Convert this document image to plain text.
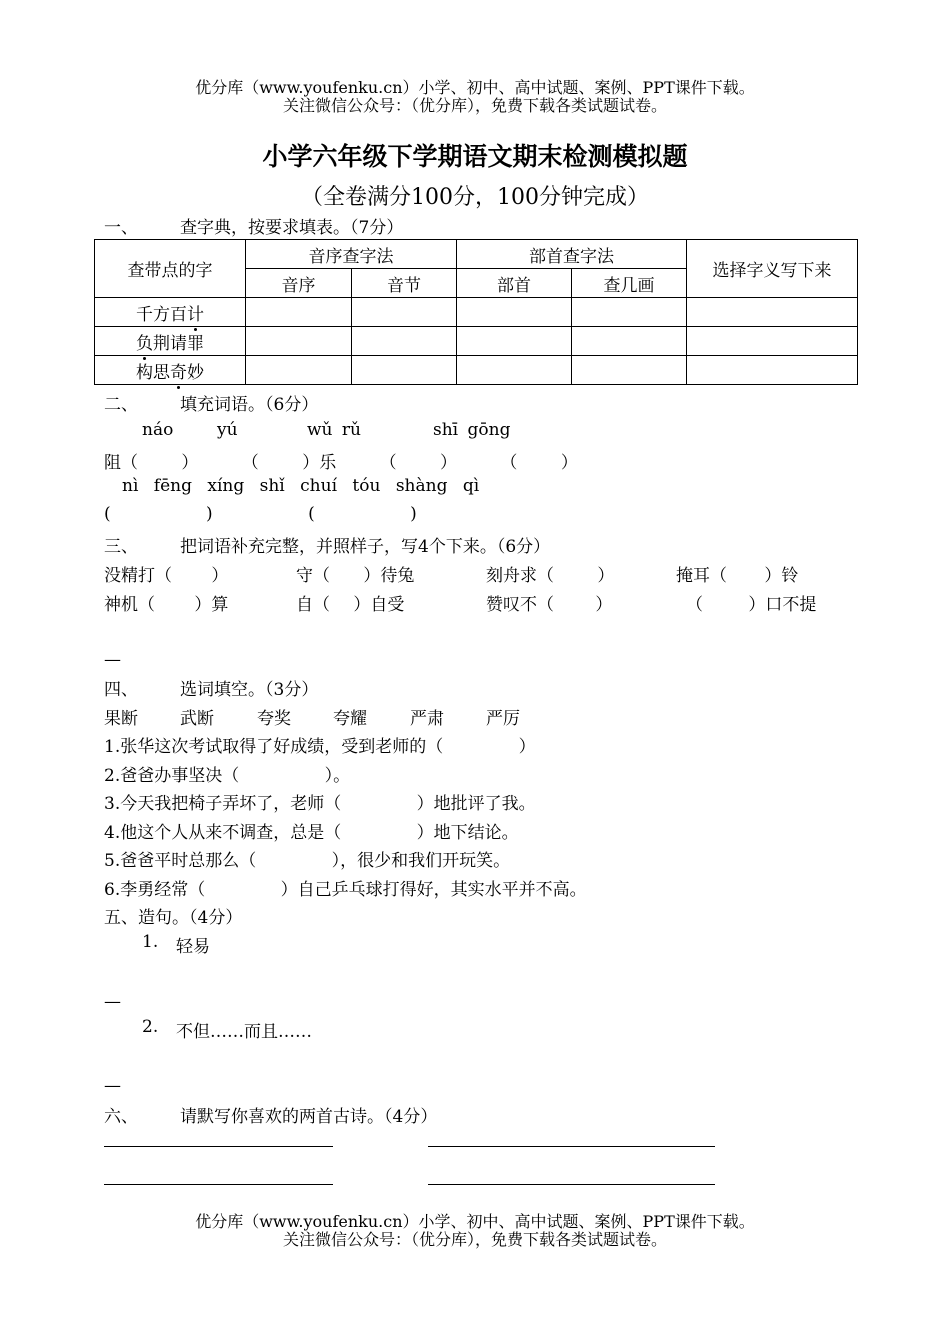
优分库（www.youfenku.cn）小学、初中、高中试题、案例、PPT课件下载。
关注微信公众号：（优分库），免费下载各类试题试卷。
小学六年级下学期语文期末检测模拟题
（全卷满分100分，100分钟完成）
一、 查字典，按要求填表。（7分）
查带点的字	音序查字法		部首查字法		选择字义写下来
	音序	音节	部首	查几画	
千方百计					
负荆请罪					
构思奇妙					
二、 填充词语。（6分）
náo	yú	wǔ rǔ	shī gōng
阻（ ） （ ）乐 （ ） （ ）
nì fēng xíng shǐ chuí tóu shàng qì
( ) ( )
三、 把词语补充完整，并照样子，写4个下来。（6分）
没精打（ ）	守（ ）待兔	刻舟求（ ）	掩耳（ ）铃
神机（ ）算	自（ ）自受	赞叹不（ ）	（ ）口不提
—
四、 选词填空。（3分）
果断 武断	夸奖 夸耀	严肃 严厉
1.张华这次考试取得了好成绩，受到老师的（ ）
2.爸爸办事坚决（ ）。
3.今天我把椅子弄坏了，老师（ ）地批评了我。
4.他这个人从来不调查，总是（ ）地下结论。
5.爸爸平时总那么（ ），很少和我们开玩笑。
6.李勇经常（ ）自己乒乓球打得好，其实水平并不高。
五、造句。（4分）
1. 轻易
—
2. 不但……而且……
—
六、 请默写你喜欢的两首古诗。（4分）
优分库（www.youfenku.cn）小学、初中、高中试题、案例、PPT课件下载。
关注微信公众号：（优分库），免费下载各类试题试卷。
